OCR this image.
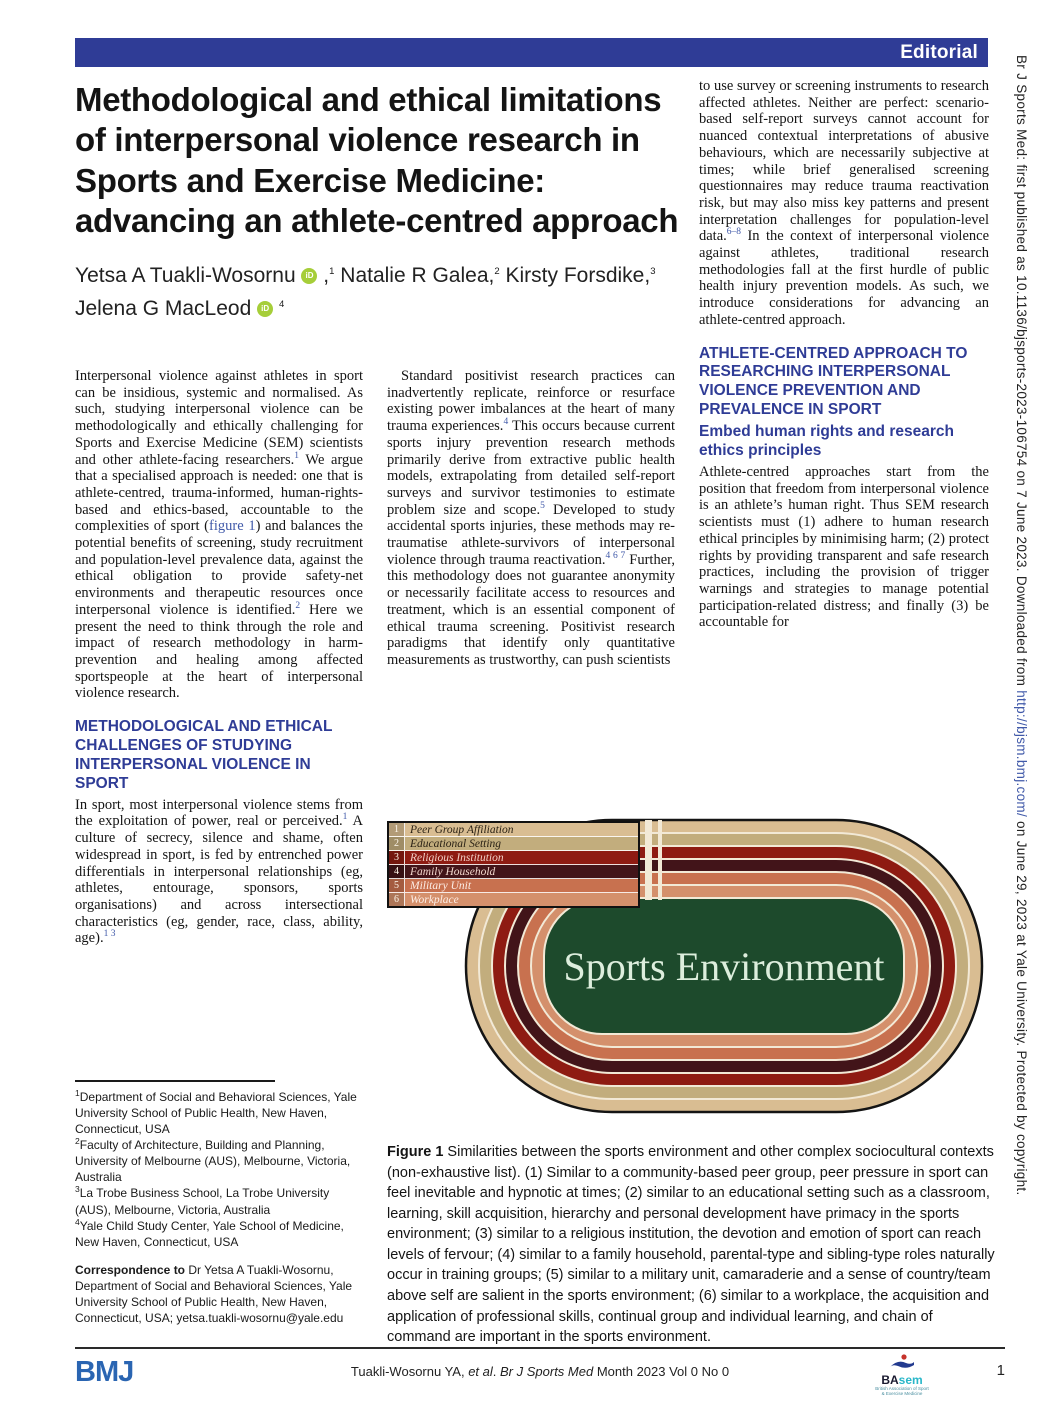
Editorial
Methodological and ethical limitations
of interpersonal violence research in
Sports and Exercise Medicine:
advancing an athlete-centred approach
Yetsa A Tuakli-Wosornu iD ,$^1$ Natalie R Galea,$^2$ Kirsty Forsdike,$^3$
Jelena G MacLeod iD $^4$

Interpersonal violence against athletes in sport can be insidious, systemic and normalised. As such, studying interpersonal violence can be methodologically and ethically challenging for Sports and Exercise Medicine (SEM) scientists and other athlete-facing researchers.$^1$ We argue that a specialised approach is needed: one that is athlete-centred, trauma-informed, human-rights-based and ethics-based, accountable to the complexities of sport (figure 1) and balances the potential benefits of screening, study recruitment and population-level prevalence data, against the ethical obligation to provide safety-net environments and therapeutic resources once interpersonal violence is identified.$^2$ Here we present the need to think through the role and impact of research methodology in harm-prevention and healing among affected sportspeople at the heart of interpersonal violence research.

METHODOLOGICAL AND ETHICAL CHALLENGES OF STUDYING INTERPERSONAL VIOLENCE IN SPORT

In sport, most interpersonal violence stems from the exploitation of power, real or perceived.$^1$ A culture of secrecy, silence and shame, often widespread in sport, is fed by entrenched power differentials in interpersonal relationships (eg, athletes, entourage, sponsors, sports organisations) and across intersectional characteristics (eg, gender, race, class, ability, age).$^{1 3}$

Standard positivist research practices can inadvertently replicate, reinforce or resurface existing power imbalances at the heart of many trauma experiences.$^4$ This occurs because current sports injury prevention research methods primarily derive from extractive public health models, extrapolating from detailed self-report surveys and survivor testimonies to estimate problem size and scope.$^5$ Developed to study accidental sports injuries, these methods may re-traumatise athlete-survivors of interpersonal violence through trauma reactivation.$^{4 6 7}$ Further, this methodology does not guarantee anonymity or necessarily facilitate access to resources and treatment, which is an essential component of ethical trauma screening. Positivist research paradigms that identify only quantitative measurements as trustworthy, can push scientists

to use survey or screening instruments to research affected athletes. Neither are perfect: scenario-based self-report surveys cannot account for nuanced contextual interpretations of abusive behaviours, which are necessarily subjective at times; while brief generalised screening questionnaires may reduce trauma reactivation risk, but may also miss key patterns and present interpretation challenges for population-level data.$^{6-8}$ In the context of interpersonal violence against athletes, traditional research methodologies fall at the first hurdle of public health injury prevention models. As such, we introduce considerations for advancing an athlete-centred approach.

ATHLETE-CENTRED APPROACH TO RESEARCHING INTERPERSONAL VIOLENCE PREVENTION AND PREVALENCE IN SPORT
Embed human rights and research ethics principles

Athlete-centred approaches start from the position that freedom from interpersonal violence is an athlete’s human right. Thus SEM research scientists must (1) adhere to human research ethical principles by minimising harm; (2) protect rights by providing transparent and safe research practices, including the provision of trigger warnings and strategies to manage potential participation-related distress; and finally (3) be accountable for

$^1$Department of Social and Behavioral Sciences, Yale University School of Public Health, New Haven, Connecticut, USA

$^2$Faculty of Architecture, Building and Planning, University of Melbourne (AUS), Melbourne, Victoria, Australia

$^3$La Trobe Business School, La Trobe University (AUS), Melbourne, Victoria, Australia

$^4$Yale Child Study Center, Yale School of Medicine, New Haven, Connecticut, USA

Correspondence to Dr Yetsa A Tuakli-Wosornu, Department of Social and Behavioral Sciences, Yale University School of Public Health, New Haven, Connecticut, USA; yetsa.tuakli-wosornu@yale.edu

Sports Environment
1 Peer Group Affiliation
2 Educational Setting
3 Religious Institution
4 Family Household
5 Military Unit
6 Workplace
Figure 1 Similarities between the sports environment and other complex sociocultural contexts (non-exhaustive list). (1) Similar to a community-based peer group, peer pressure in sport can feel inevitable and hypnotic at times; (2) similar to an educational setting such as a classroom, learning, skill acquisition, hierarchy and personal development have primacy in the sports environment; (3) similar to a religious institution, the devotion and emotion of sport can reach levels of fervour; (4) similar to a family household, parental-type and sibling-type roles naturally occur in training groups; (5) similar to a military unit, camaraderie and a sense of country/team above self are salient in the sports environment; (6) similar to a workplace, the acquisition and application of professional skills, continual group and individual learning, and chain of command are important in the sports environment.
BMJ	Tuakli-Wosornu YA, et al. Br J Sports Med Month 2023 Vol 0 No 0
BAsem
British Association of Sport
& Exercise Medicine
1
Br J Sports Med: first published as 10.1136/bjsports-2023-106754 on 7 June 2023. Downloaded from http://bjsm.bmj.com/ on June 29, 2023 at Yale University. Protected by copyright.
